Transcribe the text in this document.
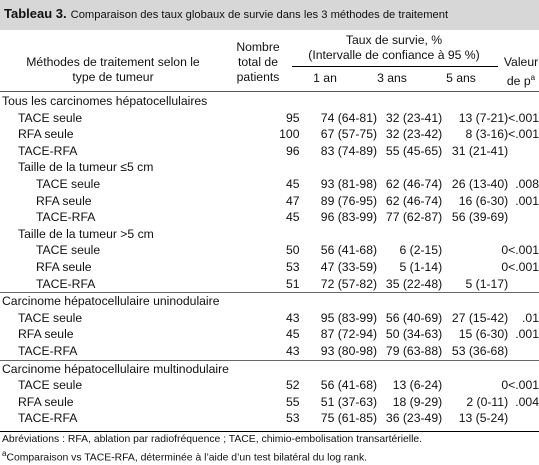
Tableau 3. Comparaison des taux globaux de survie dans les 3 méthodes de traitement
Méthodes de traitement selon le
type de tumeur
Nombre
total de
patients
Taux de survie, %
(Intervalle de confiance à 95 %)
1 an	3 ans	5 ans
Valeur
de $p^a$
Tous les carcinomes hépatocellulaires					
TACE seule	95	74 (64-81)	32 (23-41)	13 (7-21)	<.001
RFA seule	100	67 (57-75)	32 (23-42)	8 (3-16)	<.001
TACE-RFA	96	83 (74-89)	55 (45-65)	31 (21-41)	
Taille de la tumeur ≤5 cm					
TACE seule	45	93 (81-98)	62 (46-74)	26 (13-40)	.008
RFA seule	47	89 (76-95)	62 (46-74)	16 (6-30)	.001
TACE-RFA	45	96 (83-99)	77 (62-87)	56 (39-69)	
Taille de la tumeur >5 cm					
TACE seule	50	56 (41-68)	6 (2-15)	0	<.001
RFA seule	53	47 (33-59)	5 (1-14)	0	<.001
TACE-RFA	51	72 (57-82)	35 (22-48)	5 (1-17)	
Carcinome hépatocellulaire uninodulaire					
TACE seule	43	95 (83-99)	56 (40-69)	27 (15-42)	.01
RFA seule	45	87 (72-94)	50 (34-63)	15 (6-30)	.001
TACE-RFA	43	93 (80-98)	79 (63-88)	53 (36-68)	
Carcinome hépatocellulaire multinodulaire					
TACE seule	52	56 (41-68)	13 (6-24)	0	<.001
RFA seule	55	51 (37-63)	18 (9-29)	2 (0-11)	.004
TACE-RFA	53	75 (61-85)	36 (23-49)	13 (5-24)	
Abréviations : RFA, ablation par radiofréquence ; TACE, chimio-embolisation transartérielle.
$^a$Comparaison vs TACE-RFA, déterminée à l’aide d’un test bilatéral du log rank.
